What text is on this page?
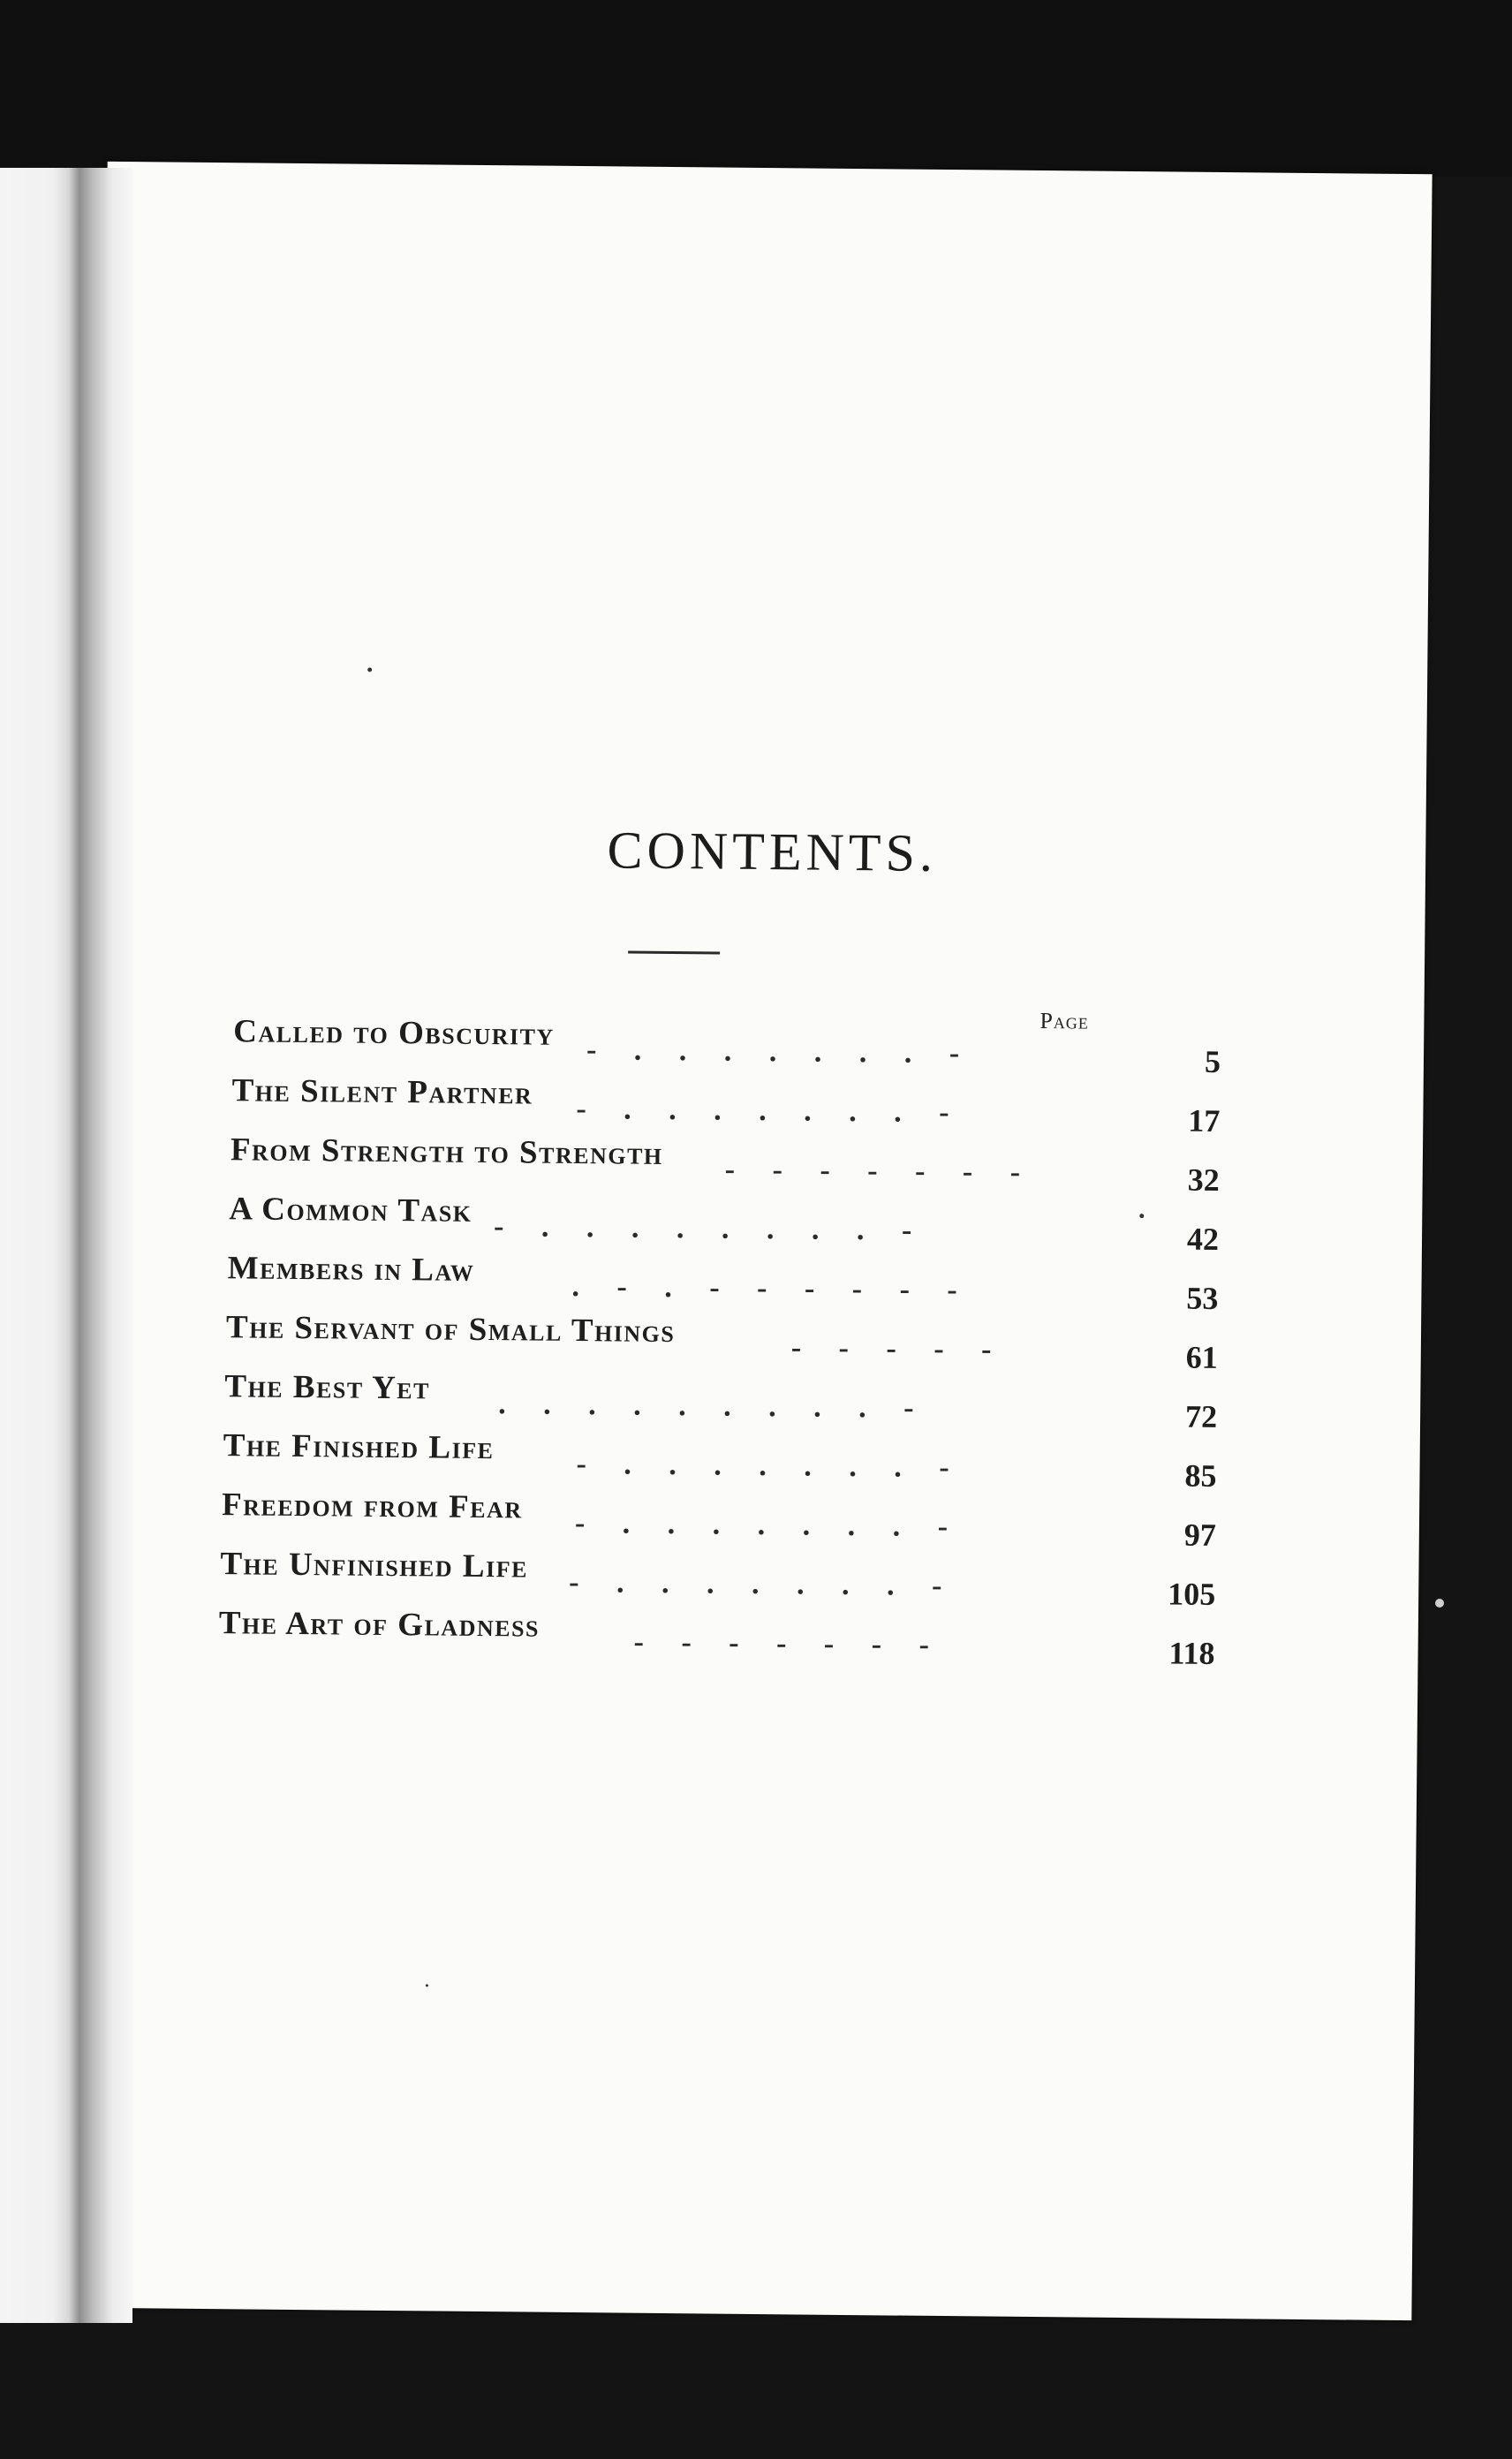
CONTENTS.
Page
Called to Obscurity -     .     .     .     .     .     .     .     -	5
The Silent Partner -     .     .     .     .     .     .     .     -	17
From Strength to Strength -     -     -     -     -     -     -	32
A Common Task -     .     .     .     .     .     .     .     .     -	42
Members in Law	.     -     .     -     -     -     -     -     -	53
The Servant of Small Things	-     -     -     -     -	61
The Best Yet .     .     .     .     .     .     .     .     .     -	72
The Finished Life	-     .     .     .     .     .     .     .     -	85
Freedom from Fear -     .     .     .     .     .     .     .     -	97
The Unfinished Life -     .     .     .     .     .     .     .     -	105
The Art of Gladness	-     -     -     -     -     -     -	118
